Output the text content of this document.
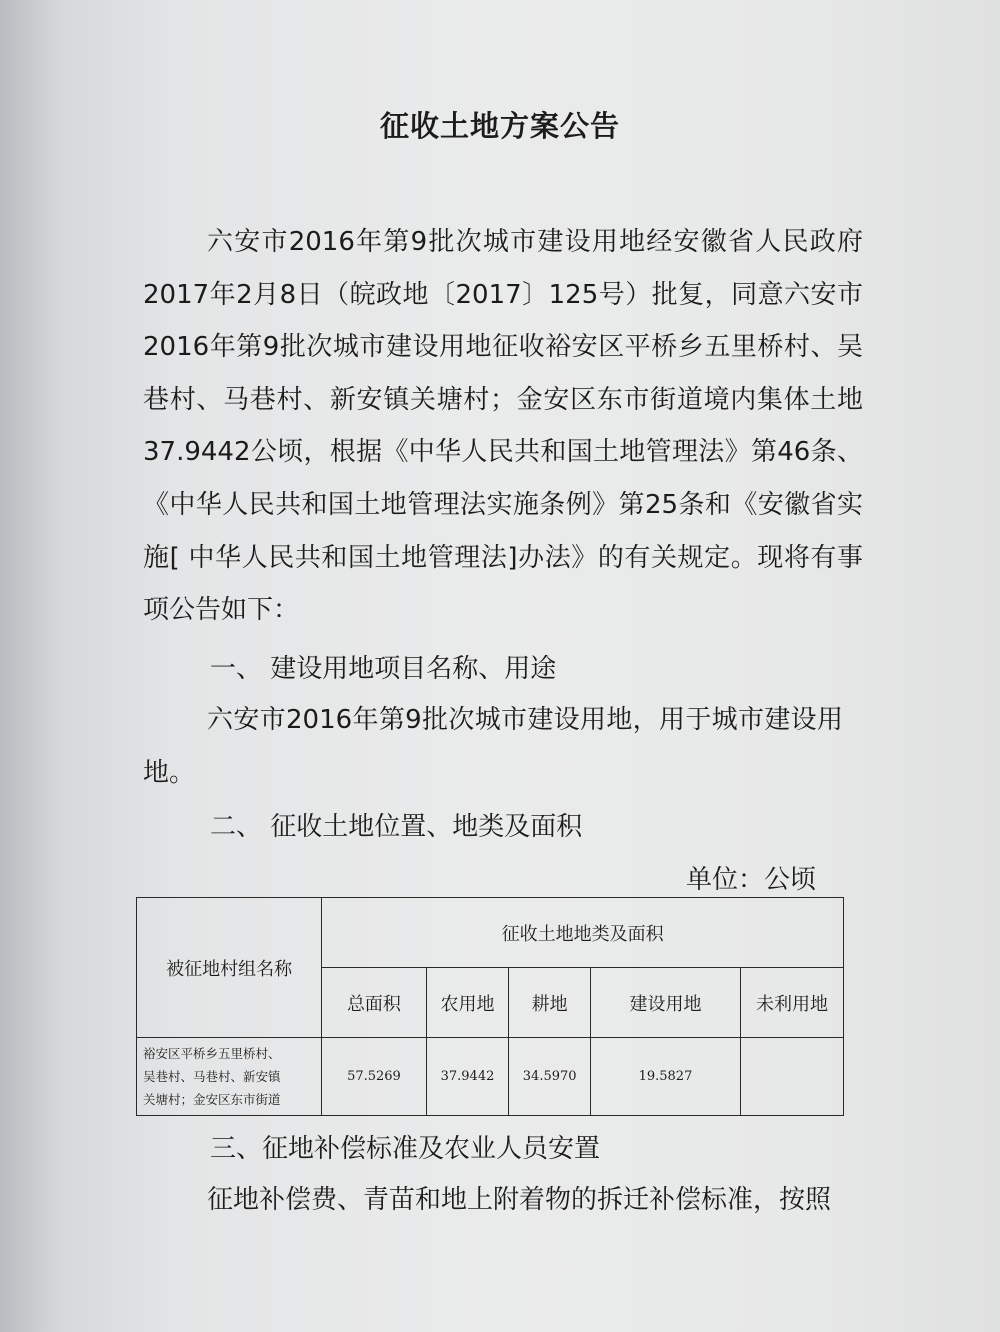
征收土地方案公告

六安市2016年第9批次城市建设用地经安徽省人民政府2017年2月8日（皖政地〔2017〕125号）批复，同意六安市2016年第9批次城市建设用地征收裕安区平桥乡五里桥村、吴巷村、马巷村、新安镇关塘村；金安区东市街道境内集体土地37.9442公顷，根据《中华人民共和国土地管理法》第46条、《中华人民共和国土地管理法实施条例》第25条和《安徽省实施[ 中华人民共和国土地管理法]办法》的有关规定。现将有事项公告如下：

一、 建设用地项目名称、用途

六安市2016年第9批次城市建设用地，用于城市建设用地。

二、 征收土地位置、地类及面积

单位：公顷
被征地村组名称	征收土地地类及面积				
	总面积	农用地	耕地	建设用地	未利用地

裕安区平桥乡五里桥村、
吴巷村、马巷村、新安镇
关塘村；金安区东市街道	57.5269	37.9442	34.5970	19.5827	

三、征地补偿标准及农业人员安置

征地补偿费、青苗和地上附着物的拆迁补偿标准，按照
